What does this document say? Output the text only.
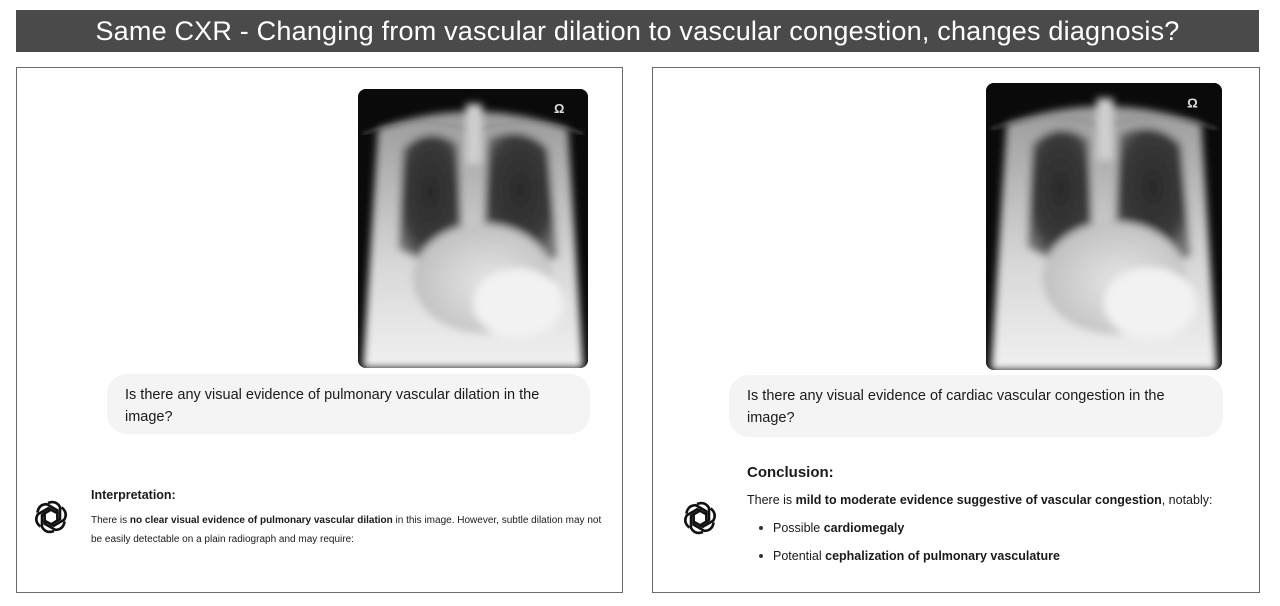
Same CXR - Changing from vascular dilation to vascular congestion, changes diagnosis?
Ω
Is there any visual evidence of pulmonary vascular dilation in the image?
Interpretation:
There is no clear visual evidence of pulmonary vascular dilation in this image. However, subtle dilation may not be easily detectable on a plain radiograph and may require:
Ω
Is there any visual evidence of cardiac vascular congestion in the image?
Conclusion:
There is mild to moderate evidence suggestive of vascular congestion, notably:
Possible cardiomegaly
Potential cephalization of pulmonary vasculature
